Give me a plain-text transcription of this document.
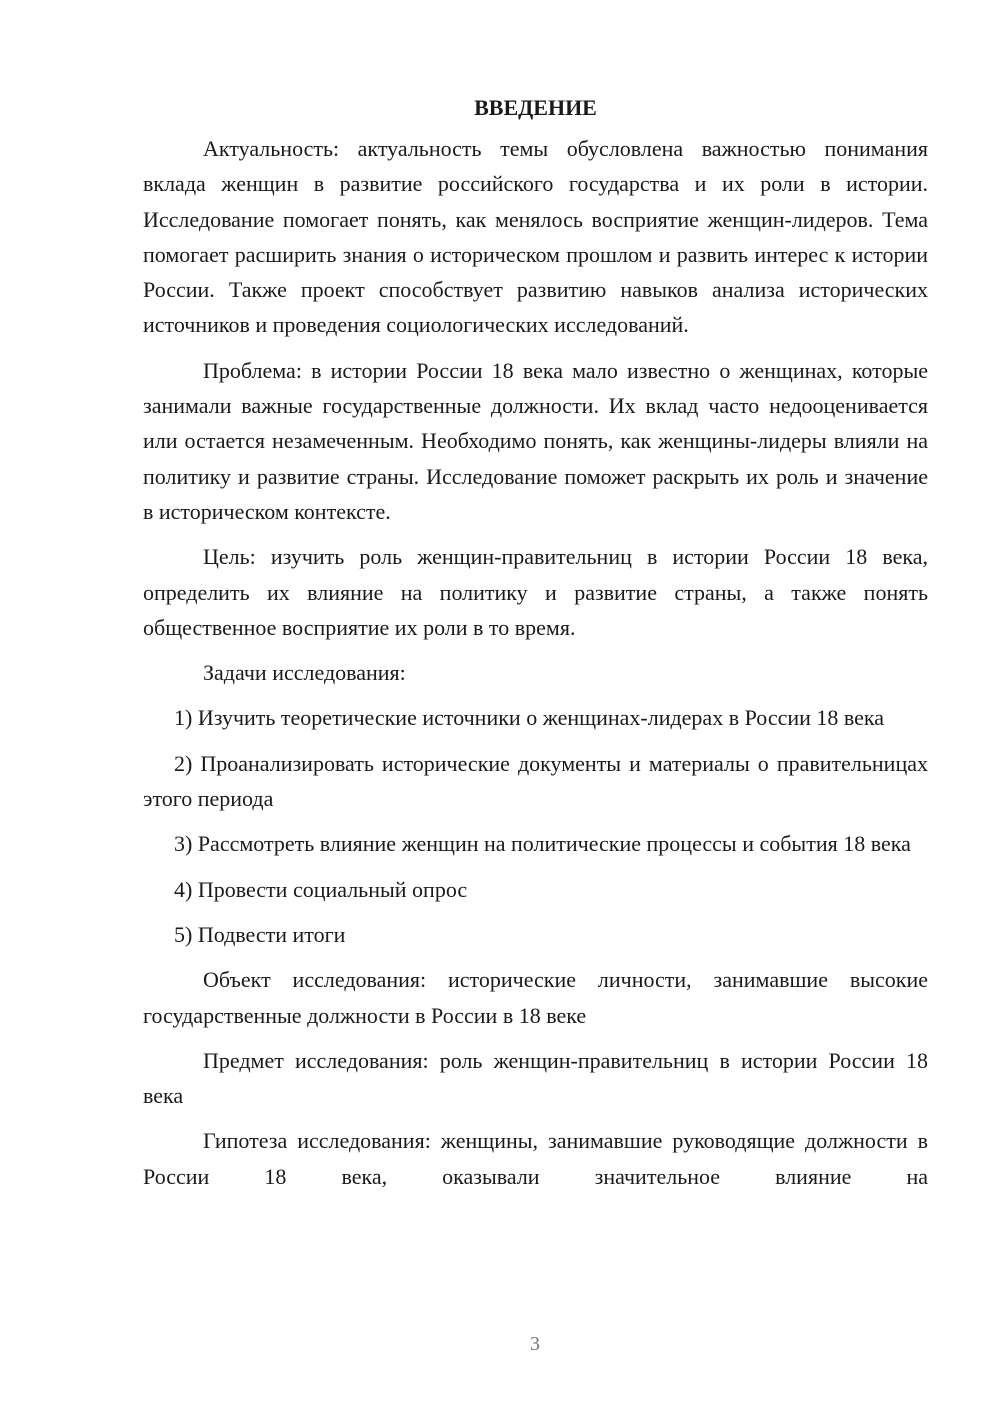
ВВЕДЕНИЕ

Актуальность: актуальность темы обусловлена важностью понимания вклада женщин в развитие российского государства и их роли в истории. Исследование помогает понять, как менялось восприятие женщин-лидеров. Тема помогает расширить знания о историческом прошлом и развить интерес к истории России. Также проект способствует развитию навыков анализа исторических источников и проведения социологических исследований.

Проблема: в истории России 18 века мало известно о женщинах, которые занимали важные государственные должности. Их вклад часто недооценивается или остается незамеченным. Необходимо понять, как женщины-лидеры влияли на политику и развитие страны. Исследование поможет раскрыть их роль и значение в историческом контексте.

Цель: изучить роль женщин-правительниц в истории России 18 века, определить их влияние на политику и развитие страны, а также понять общественное восприятие их роли в то время.

Задачи исследования:

1) Изучить теоретические источники о женщинах-лидерах в России 18 века

2) Проанализировать исторические документы и материалы о правительницах этого периода

3) Рассмотреть влияние женщин на политические процессы и события 18 века

4) Провести социальный опрос

5) Подвести итоги

Объект исследования: исторические личности, занимавшие высокие государственные должности в России в 18 веке

Предмет исследования: роль женщин-правительниц в истории России 18 века

Гипотеза исследования: женщины, занимавшие руководящие должности в России 18 века, оказывали значительное влияние на

3
